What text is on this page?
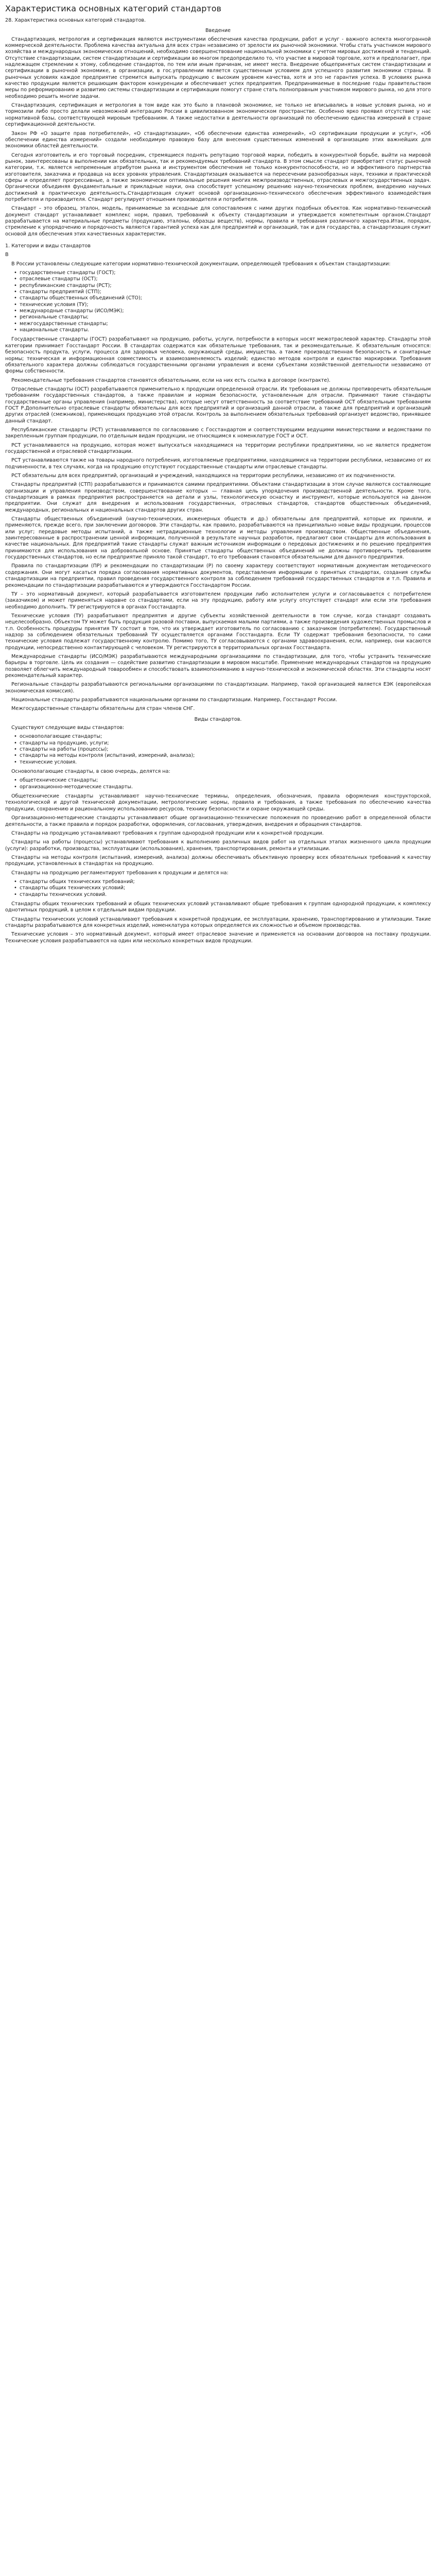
Характеристика основных категорий стандартов

28. Характеристика основных категорий стандартов.

Введение

Стандартизация, метрология и сертификация являются инструментами обеспечения качества продукции, работ и услуг - важного аспекта многогранной коммерческой деятельности. Проблема качества актуальна для всех стран независимо от зрелости их рыночной экономики. Чтобы стать участником мирового хозяйства и международных экономических отношений, необходимо совершенствование национальной экономики с учетом мировых достижений и тенденций. Отсутствие стандартизации, систем стандартизации и сертификации во многом предопределило то, что участие в мировой торговле, хотя и предполагает, при надлежащем стремлении к этому, соблюдение стандартов, по тем или иным причинам, не имеет места. Внедрение общепринятых систем стандартизации и сертификации в рыночной экономике, в организации, в гос.управлении является существенным условием для успешного развития экономики страны. В рыночных условиях каждое предприятие стремится выпускать продукцию с высоким уровнем качества, хотя и это не гарантия успеха. В условиях рынка качество продукции является решающим фактором конкуренции и обеспечивает успех предприятия. Предпринимаемые в последние годы правительством меры по реформированию и развитию системы стандартизации и сертификации помогут стране стать полноправным участником мирового рынка, но для этого необходимо решить многие задачи.

Стандартизация, сертификация и метрология в том виде как это было в плановой экономике, не только не вписывались в новые условия рынка, но и тормозили либо просто делали невозможной интеграцию России в цивилизованном экономическом пространстве. Особенно ярко проявил отсутствие у нас нормативной базы, соответствующей мировым требованиям. А также недостатки в деятельности организаций по обеспечению единства измерений в стране сертификационной деятельности.

Закон РФ «О защите прав потребителей», «О стандартизации», «Об обеспечении единства измерений», «О сертификации продукции и услуг», «Об обеспечении единства измерений» создали необходимую правовую базу для внесения существенных изменений в организацию этих важнейших для экономики областей деятельности.

Сегодня изготовитель и его торговый посредник, стремящиеся поднять репутацию торговой марки, победить в конкурентной борьбе, выйти на мировой рынок, заинтересованы в выполнении как обязательных, так и рекомендуемых требований стандарта. В этом смысле стандарт приобретает статус рыночной категории, т.к. является непременным атрибутом рынка и инструментом обеспечения не только конкурентоспособности, но и эффективного партнерства изготовителя, заказчика и продавца на всех уровнях управления. Стандартизация оказывается на пересечении разнообразных наук, техники и практической сферы и определяет прогрессивные, а также экономически оптимальные решения многих межпроизводственных, отраслевых и межгосударственных задач. Органически объединяя фундаментальные и прикладные науки, она способствует успешному решению научно-технических проблем, внедрению научных достижений в практическую деятельность.Стандартизация служит основой организационно-технического обеспечения эффективного взаимодействия потребителя и производителя. Стандарт регулирует отношения производителя и потребителя.

Стандарт – это образец, эталон, модель, принимаемые за исходные для сопоставления с ними других подобных объектов. Как нормативно-технический документ стандарт устанавливает комплекс норм, правил, требований к объекту стандартизации и утверждается компетентным органом.Стандарт разрабатывается на материальные предметы (продукцию, эталоны, образцы веществ), нормы, правила и требования различного характера.Итак, порядок, стремление к упорядочению и порядочность являются гарантией успеха как для предприятий и организаций, так и для государства, а стандартизация служит основой для обеспечения этих качественных характеристик.

1. Категории и виды стандартов

В

В России установлены следующие категории нормативно-технической документации, определяющей требования к объектам стандартизации:

• государственные стандарты (ГОСТ);
• отраслевые стандарты (ОСТ);
• республиканские стандарты (РСТ);
• стандарты предприятий (СТП);
• стандарты общественных объединений (СТО);
• технические условия (ТУ);
• международные стандарты (ИСО/МЭК);
• региональные стандарты;
• межгосударственные стандарты;
• национальные стандарты.

Государственные стандарты (ГОСТ) разрабатывают на продукцию, работы, услуги, потребности в которых носят межотраслевой характер. Стандарты этой категории принимает Госстандарт России. В стандартах содержатся как обязательные требования, так и рекомендательные. К обязательным относятся: безопасность продукта, услуги, процесса для здоровья человека, окружающей среды, имущества, а также производственная безопасность и санитарные нормы; техническая и информационная совместимость и взаимозаменяемость изделий; единство методов контроля и единство маркировки. Требования обязательного характера должны соблюдаться государственными органами управления и всеми субъектами хозяйственной деятельности независимо от формы собственности.

Рекомендательные требования стандартов становятся обязательными, если на них есть ссылка в договоре (контракте).

Отраслевые стандарты (ОСТ) разрабатываются применительно к продукции определенной отрасли. Их требования не должны противоречить обязательным требованиям государственных стандартов, а также правилам и нормам безопасности, установленным для отрасли. Принимают такие стандарты государственные органы управления (например, министерства), которые несут ответственность за соответствие требований ОСТ обязательным требованиям ГОСТ Р.Дополнительно отраслевые стандарты обязательны для всех предприятий и организаций данной отрасли, а также для предприятий и организаций других отраслей (смежников), применяющих продукцию этой отрасли. Контроль за выполнением обязательных требований организует ведомство, принявшее данный стандарт.

Республиканские стандарты (РСТ) устанавливаются по согласованию с Госстандартом и соответствующими ведущими министерствами и ведомствами по закрепленным группам продукции, по отдельным видам продукции, не относящимся к номенклатуре ГОСТ и ОСТ.

РСТ устанавливаются на продукцию, которая может выпускаться находящимися на территории республики предприятиями, но не является предметом государственной и отраслевой стандартизации.

РСТ устанавливаются также на товары народного потребления, изготовляемые предприятиями, находящимися на территории республики, независимо от их подчиненности, в тех случаях, когда на продукцию отсутствуют государственные стандарты или отраслевые стандарты.

РСТ обязательны для всех предприятий, организаций и учреждений, находящихся на территории республики, независимо от их подчиненности.

Стандарты предприятий (СТП) разрабатываются и принимаются самими предприятиями. Объектами стандартизации в этом случае являются составляющие организации и управления производством, совершенствование которых — главная цель упорядочения производственной деятельности. Кроме того, стандартизация в рамках предприятия распространяется на детали и узлы, технологическую оснастку и инструмент, которые используются на данном предприятии. Они служат для внедрения и использования государственных, отраслевых стандартов, стандартов общественных объединений, международных, региональных и национальных стандартов других стран.

Стандарты общественных объединений (научно-технических, инженерных обществ и др.) обязательны для предприятий, которые их приняли, и применяются, прежде всего, при заключении договоров. Эти стандарты, как правило, разрабатываются на принципиально новые виды продукции, процессов или услуг; передовые методы испытаний, а также нетрадиционные технологии и методы управления производством. Общественные объединения, заинтересованные в распространении ценной информации, полученной в результате научных разработок, предлагают свои стандарты для использования в качестве национальных. Для предприятий такие стандарты служат важным источником информации о передовых достижениях и по решению предприятия принимаются для использования на добровольной основе. Принятые стандарты общественных объединений не должны противоречить требованиям государственных стандартов, но если предприятие приняло такой стандарт, то его требования становятся обязательными для данного предприятия.

Правила по стандартизации (ПР) и рекомендации по стандартизации (Р) по своему характеру соответствуют нормативным документам методического содержания. Они могут касаться порядка согласования нормативных документов, представления информации о принятых стандартах, создания службы стандартизации на предприятии, правил проведения государственного контроля за соблюдением требований государственных стандартов и т.п. Правила и рекомендации по стандартизации разрабатываются и утверждаются Госстандартом России.

ТУ – это нормативный документ, который разрабатывается изготовителем продукции либо исполнителем услуги и согласовывается с потребителем (заказчиком) и может применяться наравне со стандартами, если на эту продукцию, работу или услугу отсутствует стандарт или если эти требования необходимо дополнить. ТУ регистрируются в органах Госстандарта.

Технические условия (ТУ) разрабатывают предприятия и другие субъекты хозяйственной деятельности в том случае, когда стандарт создавать нецелесообразно. Объектом ТУ может быть продукция разовой поставки, выпускаемая малыми партиями, а также произведения художественных промыслов и т.п. Особенность процедуры принятия ТУ состоит в том, что их утверждает изготовитель по согласованию с заказчиком (потребителем). Государственный надзор за соблюдением обязательных требований ТУ осуществляется органами Госстандарта. Если ТУ содержат требования безопасности, то сами технические условия подлежат государственному контролю. Помимо того, ТУ согласовываются с органами здравоохранения, если, например, они касаются продукции, непосредственно контактирующей с человеком. ТУ регистрируются в территориальных органах Госстандарта.

Международные стандарты (ИСО/МЭК) разрабатываются международными организациями по стандартизации, для того, чтобы устранить технические барьеры в торговле. Цель их создания — содействие развитию стандартизации в мировом масштабе. Применение международных стандартов на продукцию позволяет облегчить международный товарообмен и способствовать взаимопониманию в научно-технической и экономической областях. Эти стандарты носят рекомендательный характер.

Региональные стандарты разрабатываются региональными организациями по стандартизации. Например, такой организацией является ЕЭК (европейская экономическая комиссия).

Национальные стандарты разрабатываются национальными органами по стандартизации. Например, Госстандарт России.

Межгосударственные стандарты обязательны для стран членов СНГ.

Виды стандартов.

Существуют следующие виды стандартов:

• основополагающие стандарты;
• стандарты на продукцию, услуги;
• стандарты на работы (процессы);
• стандарты на методы контроля (испытаний, измерений, анализа);
• технические условия.

Основополагающие стандарты, в свою очередь, делятся на:

• общетехнические стандарты;
• организационно-методические стандарты.

Общетехнические стандарты устанавливают научно-технические термины, определения, обозначения, правила оформления конструкторской, технологической и другой технической документации, метрологические нормы, правила и требования, а также требования по обеспечению качества продукции, сохранению и рациональному использованию ресурсов, технику безопасности и охране окружающей среды.

Организационно-методические стандарты устанавливают общие организационно-технические положения по проведению работ в определенной области деятельности, а также правила и порядок разработки, оформления, согласования, утверждения, внедрения и обращения стандартов.

Стандарты на продукцию устанавливают требования к группам однородной продукции или к конкретной продукции.

Стандарты на работы (процессы) устанавливают требования к выполнению различных видов работ на отдельных этапах жизненного цикла продукции (услуги): разработки, производства, эксплуатации (использования), хранения, транспортирования, ремонта и утилизации.

Стандарты на методы контроля (испытаний, измерений, анализа) должны обеспечивать объективную проверку всех обязательных требований к качеству продукции, установленных в стандартах на продукцию.

Стандарты на продукцию регламентируют требования к продукции и делятся на:

• стандарты общих технических требований;
• стандарты общих технических условий;
• стандарты технических условий.

Стандарты общих технических требований и общих технических условий устанавливают общие требования к группам однородной продукции, к комплексу однотипных продукций, в целом к отдельным видам продукции.

Стандарты технических условий устанавливают требования к конкретной продукции, ее эксплуатации, хранению, транспортированию и утилизации. Такие стандарты разрабатываются для конкретных изделий, номенклатура которых определяется их сложностью и объемом производства.

Технические условия – это нормативный документ, который имеет отраслевое значение и применяется на основании договоров на поставку продукции. Технические условия разрабатываются на один или несколько конкретных видов продукции.
